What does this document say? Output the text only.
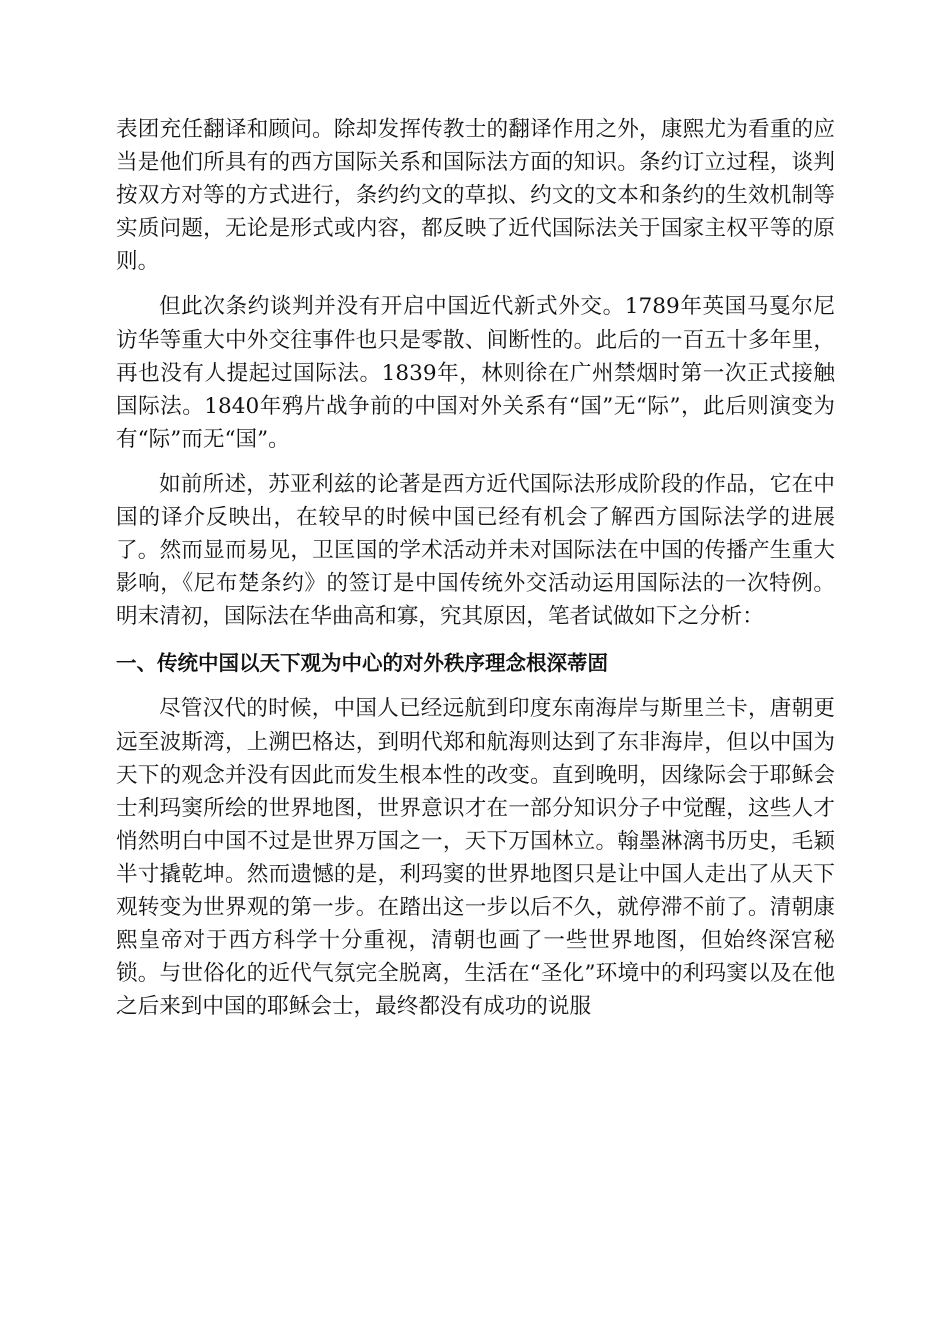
表团充任翻译和顾问。除却发挥传教士的翻译作用之外，康熙尤为看重的应当是他们所具有的西方国际关系和国际法方面的知识。条约订立过程，谈判按双方对等的方式进行，条约约文的草拟、约文的文本和条约的生效机制等实质问题，无论是形式或内容，都反映了近代国际法关于国家主权平等的原则。

但此次条约谈判并没有开启中国近代新式外交。1789年英国马戛尔尼访华等重大中外交往事件也只是零散、间断性的。此后的一百五十多年里，再也没有人提起过国际法。1839年，林则徐在广州禁烟时第一次正式接触国际法。1840年鸦片战争前的中国对外关系有“国”无“际”，此后则演变为有“际”而无“国”。

如前所述，苏亚利兹的论著是西方近代国际法形成阶段的作品，它在中国的译介反映出，在较早的时候中国已经有机会了解西方国际法学的进展了。然而显而易见，卫匡国的学术活动并未对国际法在中国的传播产生重大影响，《尼布楚条约》的签订是中国传统外交活动运用国际法的一次特例。明末清初，国际法在华曲高和寡，究其原因，笔者试做如下之分析：

一、传统中国以天下观为中心的对外秩序理念根深蒂固

尽管汉代的时候，中国人已经远航到印度东南海岸与斯里兰卡，唐朝更远至波斯湾，上溯巴格达，到明代郑和航海则达到了东非海岸，但以中国为天下的观念并没有因此而发生根本性的改变。直到晚明，因缘际会于耶稣会士利玛窦所绘的世界地图，世界意识才在一部分知识分子中觉醒，这些人才悄然明白中国不过是世界万国之一，天下万国林立。翰墨淋漓书历史，毛颖半寸撬乾坤。然而遗憾的是，利玛窦的世界地图只是让中国人走出了从天下观转变为世界观的第一步。在踏出这一步以后不久，就停滞不前了。清朝康熙皇帝对于西方科学十分重视，清朝也画了一些世界地图，但始终深宫秘锁。与世俗化的近代气氛完全脱离，生活在“圣化”环境中的利玛窦以及在他之后来到中国的耶稣会士，最终都没有成功的说服
